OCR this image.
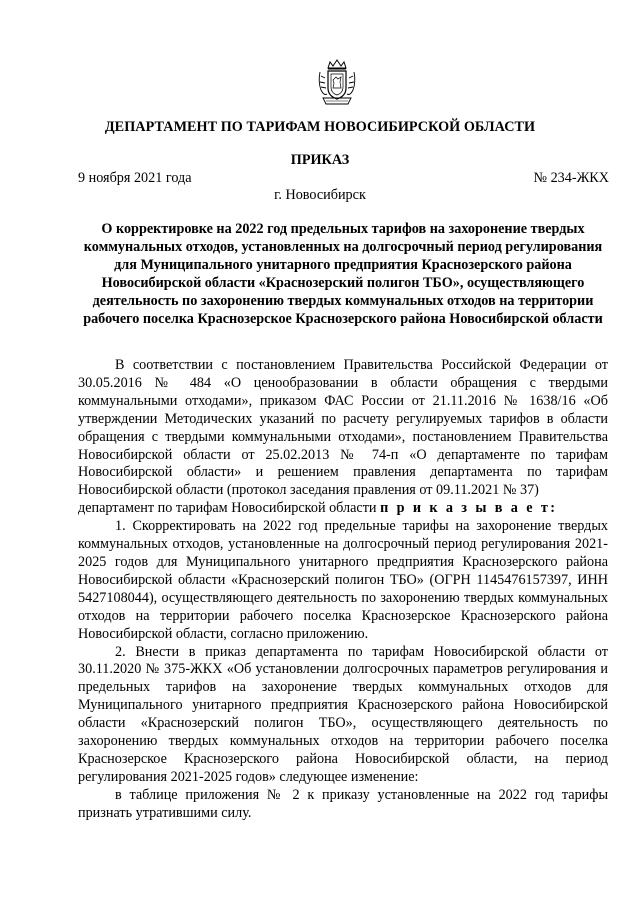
ДЕПАРТАМЕНТ ПО ТАРИФАМ НОВОСИБИРСКОЙ ОБЛАСТИ
ПРИКАЗ
9 ноября 2021 года	№ 234-ЖКХ
г. Новосибирск

О корректировке на 2022 год предельных тарифов на захоронение твердых коммунальных отходов, установленных на долгосрочный период регулирования для Муниципального унитарного предприятия Краснозерского района Новосибирской области «Краснозерский полигон ТБО», осуществляющего деятельность по захоронению твердых коммунальных отходов на территории рабочего поселка Краснозерское Краснозерского района Новосибирской области

В соответствии с постановлением Правительства Российской Федерации от 30.05.2016 № 484 «О ценообразовании в области обращения с твердыми коммунальными отходами», приказом ФАС России от 21.11.2016 № 1638/16 «Об утверждении Методических указаний по расчету регулируемых тарифов в области обращения с твердыми коммунальными отходами», постановлением Правительства Новосибирской области от 25.02.2013 № 74-п «О департаменте по тарифам Новосибирской области» и решением правления департамента по тарифам Новосибирской области (протокол заседания правления от 09.11.2021 № 37)

департамент по тарифам Новосибирской области п р и к а з ы в а е т:

1. Скорректировать на 2022 год предельные тарифы на захоронение твердых коммунальных отходов, установленные на долгосрочный период регулирования 2021-2025 годов для Муниципального унитарного предприятия Краснозерского района Новосибирской области «Краснозерский полигон ТБО» (ОГРН 1145476157397, ИНН 5427108044), осуществляющего деятельность по захоронению твердых коммунальных отходов на территории рабочего поселка Краснозерское Краснозерского района Новосибирской области, согласно приложению.

2. Внести в приказ департамента по тарифам Новосибирской области от 30.11.2020 № 375-ЖКХ «Об установлении долгосрочных параметров регулирования и предельных тарифов на захоронение твердых коммунальных отходов для Муниципального унитарного предприятия Краснозерского района Новосибирской области «Краснозерский полигон ТБО», осуществляющего деятельность по захоронению твердых коммунальных отходов на территории рабочего поселка Краснозерское Краснозерского района Новосибирской области, на период регулирования 2021-2025 годов» следующее изменение:

в таблице приложения № 2 к приказу установленные на 2022 год тарифы признать утратившими силу.
